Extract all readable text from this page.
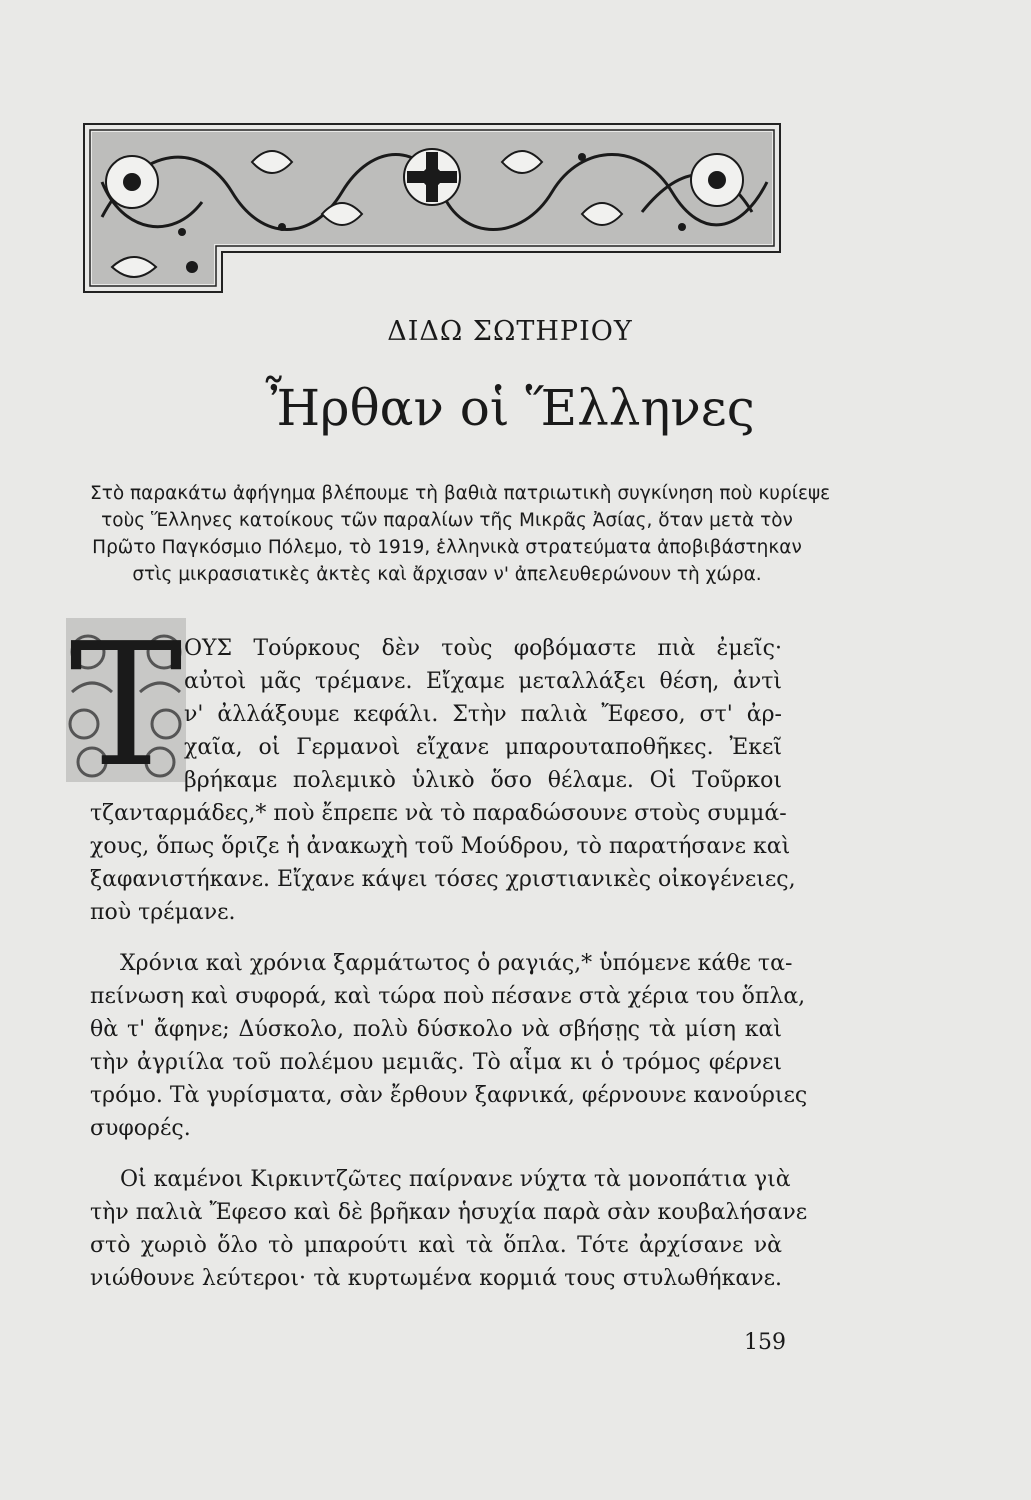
ΔΙΔΩ ΣΩΤΗΡΙΟΥ
Ἦρθαν οἱ Ἕλληνες
Στὸ παρακάτω ἀφήγημα βλέπουμε τὴ βαθιὰ πατριωτικὴ συγκίνηση ποὺ κυρίεψε
τοὺς Ἕλληνες κατοίκους τῶν παραλίων τῆς Μικρᾶς Ἀσίας, ὅταν μετὰ τὸν
Πρῶτο Παγκόσμιο Πόλεμο, τὸ 1919, ἑλληνικὰ στρατεύματα ἀποβιβάστηκαν
στὶς μικρασιατικὲς ἀκτὲς καὶ ἄρχισαν ν' ἀπελευθερώνουν τὴ χώρα.
Τ ΟΥΣ Τούρκους δὲν τοὺς φοβόμαστε πιὰ ἐμεῖς·
αὐτοὶ μᾶς τρέμανε. Εἴχαμε μεταλλάξει θέση, ἀντὶ
ν' ἀλλάξουμε κεφάλι. Στὴν παλιὰ Ἔφεσο, στ' ἀρ-
χαῖα, οἱ Γερμανοὶ εἴχανε μπαρουταποθῆκες. Ἐκεῖ
βρήκαμε πολεμικὸ ὑλικὸ ὅσο θέλαμε. Οἱ Τοῦρκοι
τζανταρμάδες,* ποὺ ἔπρεπε νὰ τὸ παραδώσουνε στοὺς συμμά-
χους, ὅπως ὅριζε ἡ ἀνακωχὴ τοῦ Μούδρου, τὸ παρατήσανε καὶ
ξαφανιστήκανε. Εἴχανε κάψει τόσες χριστιανικὲς οἰκογένειες,
ποὺ τρέμανε.
Χρόνια καὶ χρόνια ξαρμάτωτος ὁ ραγιάς,* ὑπόμενε κάθε τα-
πείνωση καὶ συφορά, καὶ τώρα ποὺ πέσανε στὰ χέρια του ὅπλα,
θὰ τ' ἄφηνε; Δύσκολο, πολὺ δύσκολο νὰ σβήσῃς τὰ μίση καὶ
τὴν ἀγριίλα τοῦ πολέμου μεμιᾶς. Τὸ αἷμα κι ὁ τρόμος φέρνει
τρόμο. Τὰ γυρίσματα, σὰν ἔρθουν ξαφνικά, φέρνουνε κανούριες
συφορές.
Οἱ καμένοι Κιρκιντζῶτες παίρνανε νύχτα τὰ μονοπάτια γιὰ
τὴν παλιὰ Ἔφεσο καὶ δὲ βρῆκαν ἡσυχία παρὰ σὰν κουβαλήσανε
στὸ χωριὸ ὅλο τὸ μπαρούτι καὶ τὰ ὅπλα. Τότε ἀρχίσανε νὰ
νιώθουνε λεύτεροι· τὰ κυρτωμένα κορμιά τους στυλωθήκανε.
159
